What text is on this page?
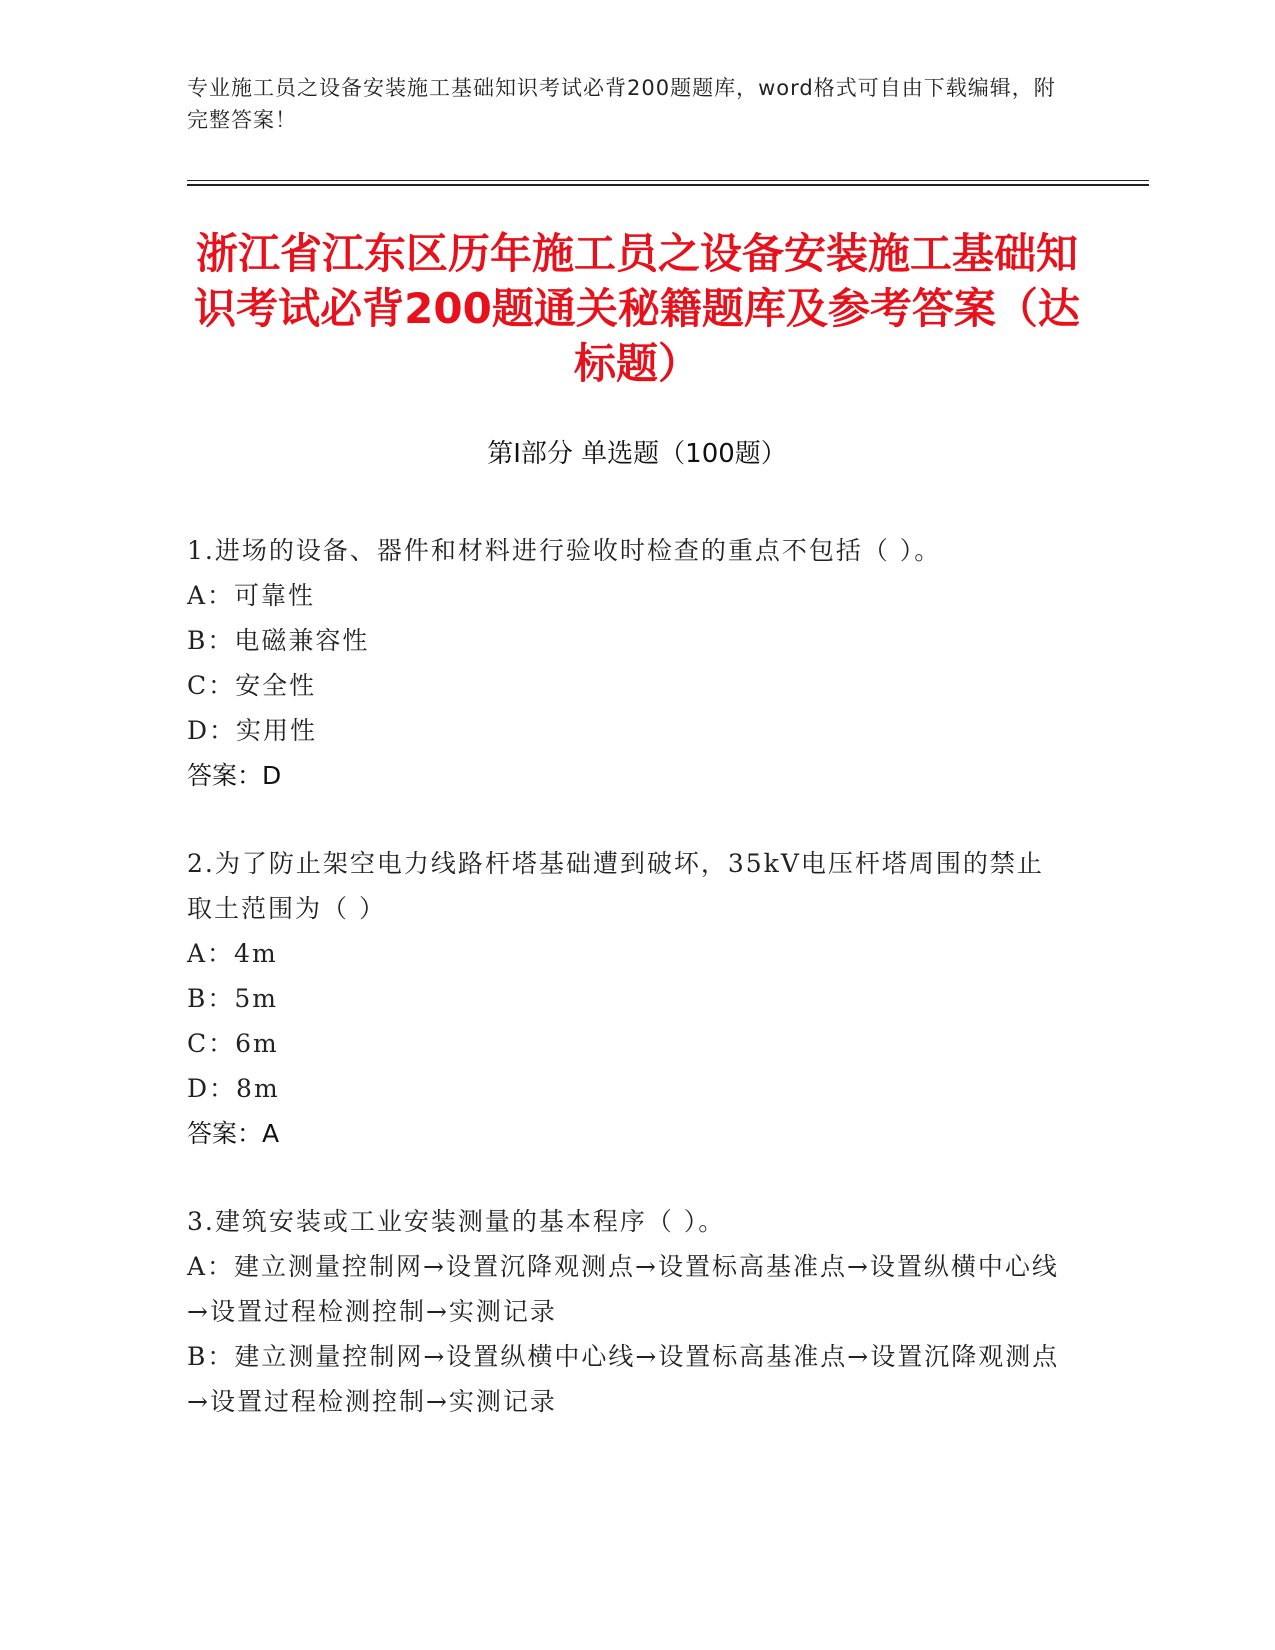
专业施工员之设备安装施工基础知识考试必背200题题库，word格式可自由下载编辑，附完整答案！
浙江省江东区历年施工员之设备安装施工基础知识考试必背200题通关秘籍题库及参考答案（达标题）
第Ⅰ部分 单选题（100题）
1.进场的设备、器件和材料进行验收时检查的重点不包括（ ）。
A：可靠性
B：电磁兼容性
C：安全性
D：实用性
答案：D
2.为了防止架空电力线路杆塔基础遭到破坏，35kV电压杆塔周围的禁止取土范围为（ ）
A：4m
B：5m
C：6m
D：8m
答案：A
3.建筑安装或工业安装测量的基本程序（ ）。
A：建立测量控制网→设置沉降观测点→设置标高基准点→设置纵横中心线→设置过程检测控制→实测记录
B：建立测量控制网→设置纵横中心线→设置标高基准点→设置沉降观测点→设置过程检测控制→实测记录
